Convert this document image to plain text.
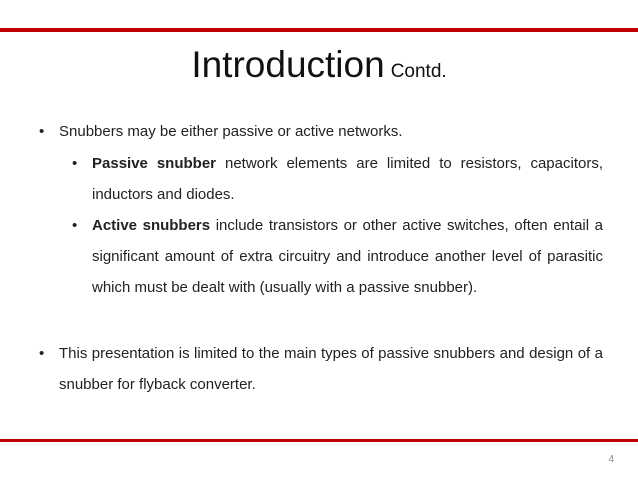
Introduction Contd.
• Snubbers may be either passive or active networks.
• Passive snubber network elements are limited to resistors, capacitors, inductors and diodes.
• Active snubbers include transistors or other active switches, often entail a significant amount of extra circuitry and introduce another level of parasitic which must be dealt with (usually with a passive snubber).
• This presentation is limited to the main types of passive snubbers and design of a snubber for flyback converter.
4
